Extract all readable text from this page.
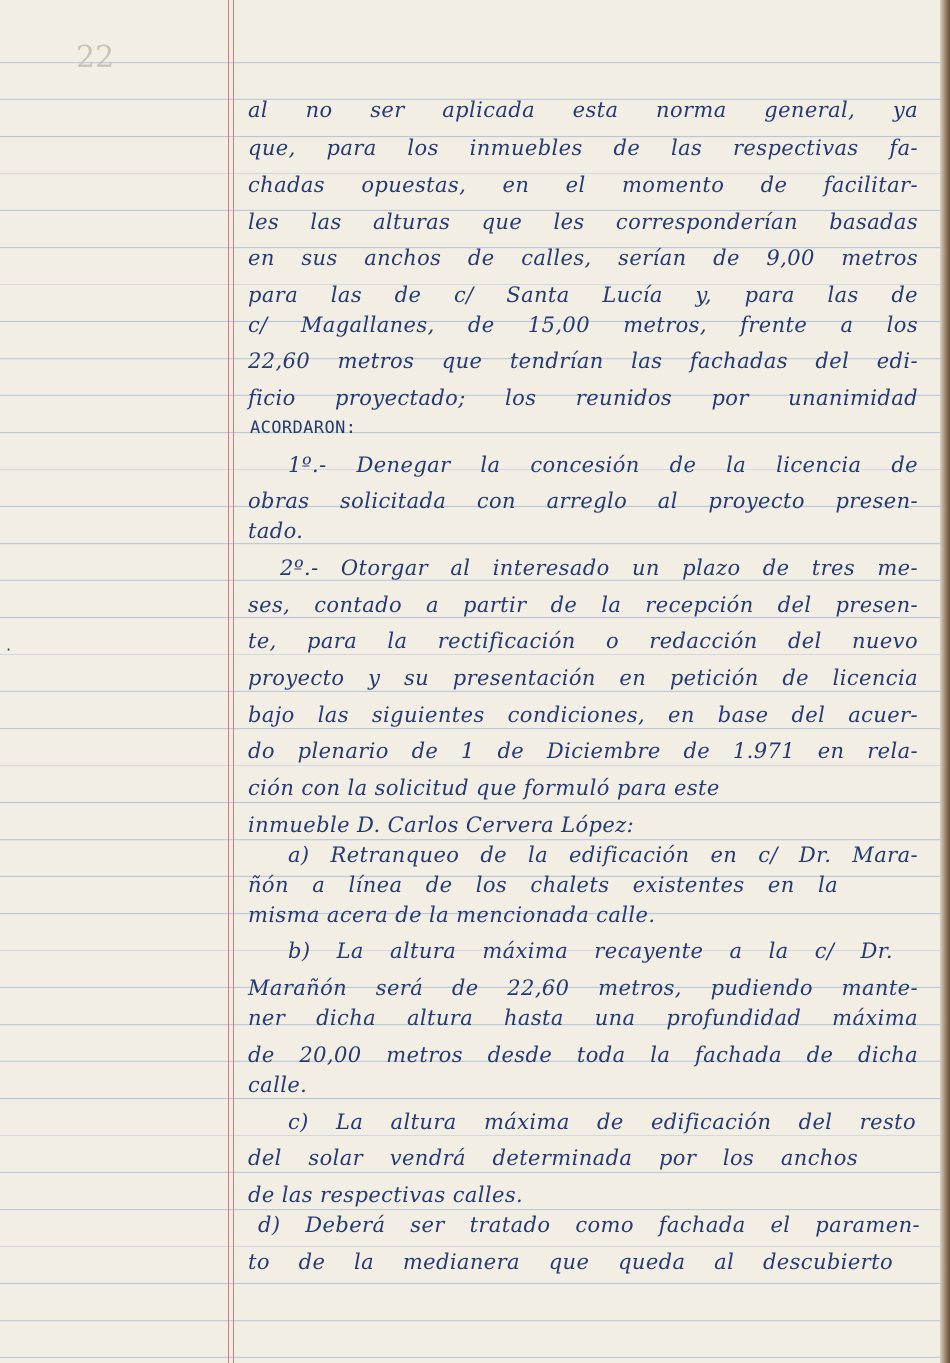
22
·
al no ser aplicada esta norma general, ya
que, para los inmuebles de las respectivas fa-
chadas opuestas, en el momento de facilitar-
les las alturas que les corresponderían basadas
en sus anchos de calles, serían de 9,00 metros
para las de c/ Santa Lucía y, para las de
c/ Magallanes, de 15,00 metros, frente a los
22,60 metros que tendrían las fachadas del edi-
ficio proyectado; los reunidos por unanimidad
ACORDARON:
1º.- Denegar la concesión de la licencia de
obras solicitada con arreglo al proyecto presen-
tado.
2º.- Otorgar al interesado un plazo de tres me-
ses, contado a partir de la recepción del presen-
te, para la rectificación o redacción del nuevo
proyecto y su presentación en petición de licencia
bajo las siguientes condiciones, en base del acuer-
do plenario de 1 de Diciembre de 1.971 en rela-
ción con la solicitud que formuló para este
inmueble D. Carlos Cervera López:
a) Retranqueo de la edificación en c/ Dr. Mara-
ñón a línea de los chalets existentes en la
misma acera de la mencionada calle.
b) La altura máxima recayente a la c/ Dr.
Marañón será de 22,60 metros, pudiendo mante-
ner dicha altura hasta una profundidad máxima
de 20,00 metros desde toda la fachada de dicha
calle.
c) La altura máxima de edificación del resto
del solar vendrá determinada por los anchos
de las respectivas calles.
d) Deberá ser tratado como fachada el paramen-
to de la medianera que queda al descubierto
